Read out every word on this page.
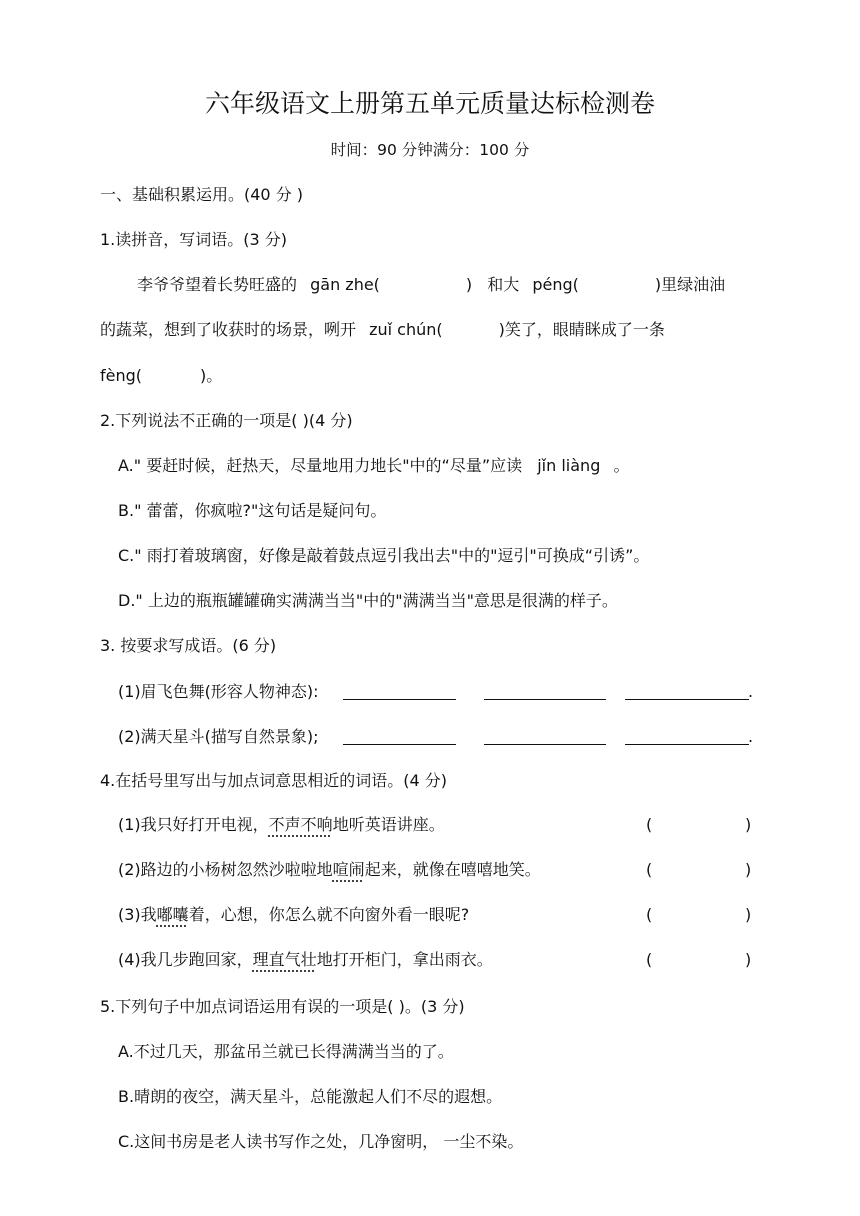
六年级语文上册第五单元质量达标检测卷
时间：90 分钟满分：100 分
一、基础积累运用。(40 分 )
1.读拼音，写词语。(3 分)
李爷爷望着长势旺盛的 gān zhe(	) 和大 péng(	)里绿油油
的蔬菜，想到了收获时的场景，咧开 zuǐ chún(	)笑了，眼睛眯成了一条
fèng(	)。
2.下列说法不正确的一项是( )(4 分)
A." 要赶时候，赶热天，尽量地用力地长"中的“尽量”应读 jǐn liàng 。
B." 蕾蕾，你疯啦?"这句话是疑问句。
C." 雨打着玻璃窗，好像是敲着鼓点逗引我出去"中的"逗引"可换成“引诱”。
D." 上边的瓶瓶罐罐确实满满当当"中的"满满当当"意思是很满的样子。
3. 按要求写成语。(6 分)
(1)眉飞色舞(形容人物神态):	.
(2)满天星斗(描写自然景象);	.
4.在括号里写出与加点词意思相近的词语。(4 分)
(1)我只好打开电视，不声不响地听英语讲座。	(	)
(2)路边的小杨树忽然沙啦啦地喧闹起来，就像在嘻嘻地笑。	(	)
(3)我嘟囔着，心想，你怎么就不向窗外看一眼呢?	(	)
(4)我几步跑回家，理直气壮地打开柜门，拿出雨衣。	(	)
5.下列句子中加点词语运用有误的一项是( )。(3 分)
A.不过几天，那盆吊兰就已长得满满当当的了。
B.晴朗的夜空，满天星斗，总能激起人们不尽的遐想。
C.这间书房是老人读书写作之处，几净窗明， 一尘不染。
